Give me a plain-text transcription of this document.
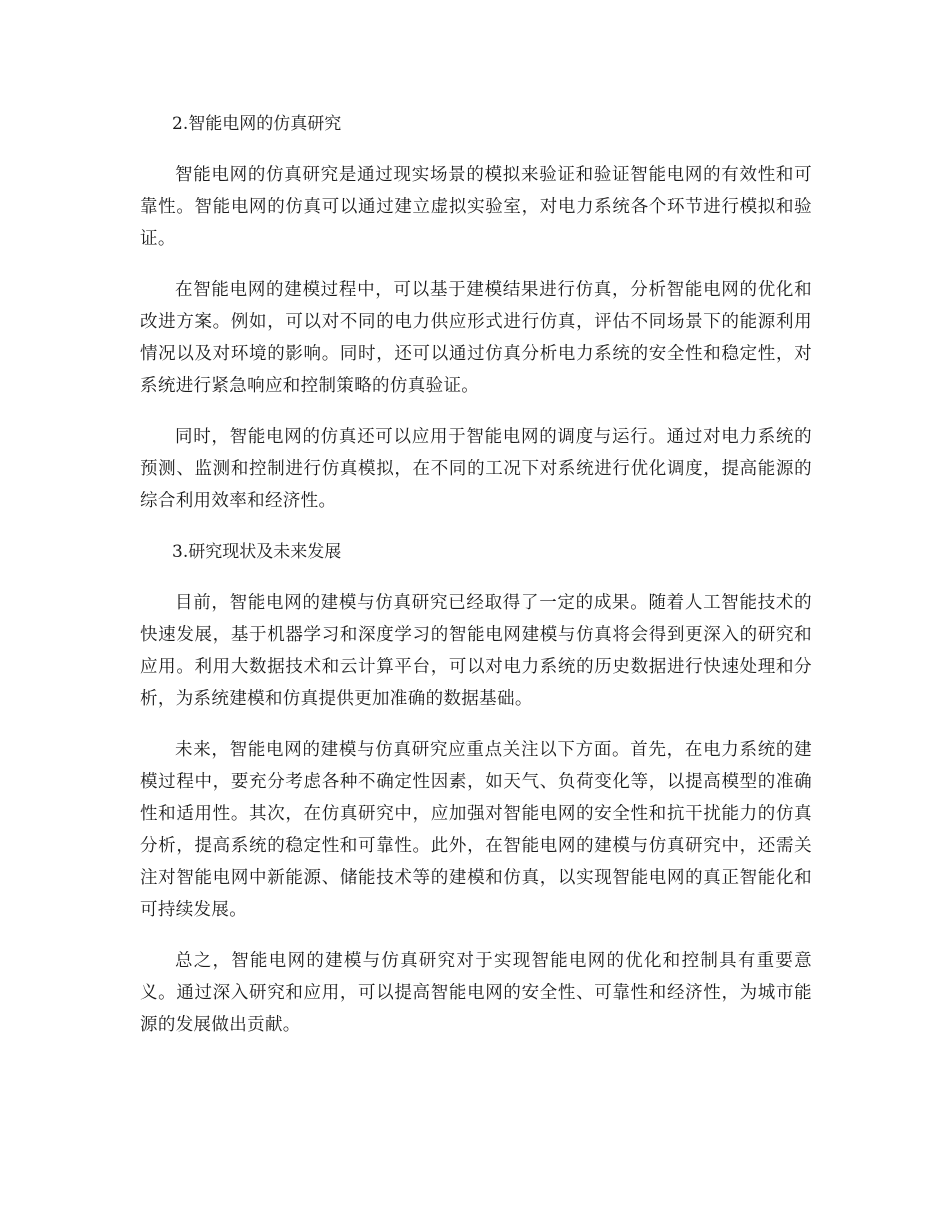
2.智能电网的仿真研究

智能电网的仿真研究是通过现实场景的模拟来验证和验证智能电网的有效性和可靠性。智能电网的仿真可以通过建立虚拟实验室，对电力系统各个环节进行模拟和验证。

在智能电网的建模过程中，可以基于建模结果进行仿真，分析智能电网的优化和改进方案。例如，可以对不同的电力供应形式进行仿真，评估不同场景下的能源利用情况以及对环境的影响。同时，还可以通过仿真分析电力系统的安全性和稳定性，对系统进行紧急响应和控制策略的仿真验证。

同时，智能电网的仿真还可以应用于智能电网的调度与运行。通过对电力系统的预测、监测和控制进行仿真模拟，在不同的工况下对系统进行优化调度，提高能源的综合利用效率和经济性。

3.研究现状及未来发展

目前，智能电网的建模与仿真研究已经取得了一定的成果。随着人工智能技术的快速发展，基于机器学习和深度学习的智能电网建模与仿真将会得到更深入的研究和应用。利用大数据技术和云计算平台，可以对电力系统的历史数据进行快速处理和分析，为系统建模和仿真提供更加准确的数据基础。

未来，智能电网的建模与仿真研究应重点关注以下方面。首先，在电力系统的建模过程中，要充分考虑各种不确定性因素，如天气、负荷变化等，以提高模型的准确性和适用性。其次，在仿真研究中，应加强对智能电网的安全性和抗干扰能力的仿真分析，提高系统的稳定性和可靠性。此外，在智能电网的建模与仿真研究中，还需关注对智能电网中新能源、储能技术等的建模和仿真，以实现智能电网的真正智能化和可持续发展。

总之，智能电网的建模与仿真研究对于实现智能电网的优化和控制具有重要意义。通过深入研究和应用，可以提高智能电网的安全性、可靠性和经济性，为城市能源的发展做出贡献。
